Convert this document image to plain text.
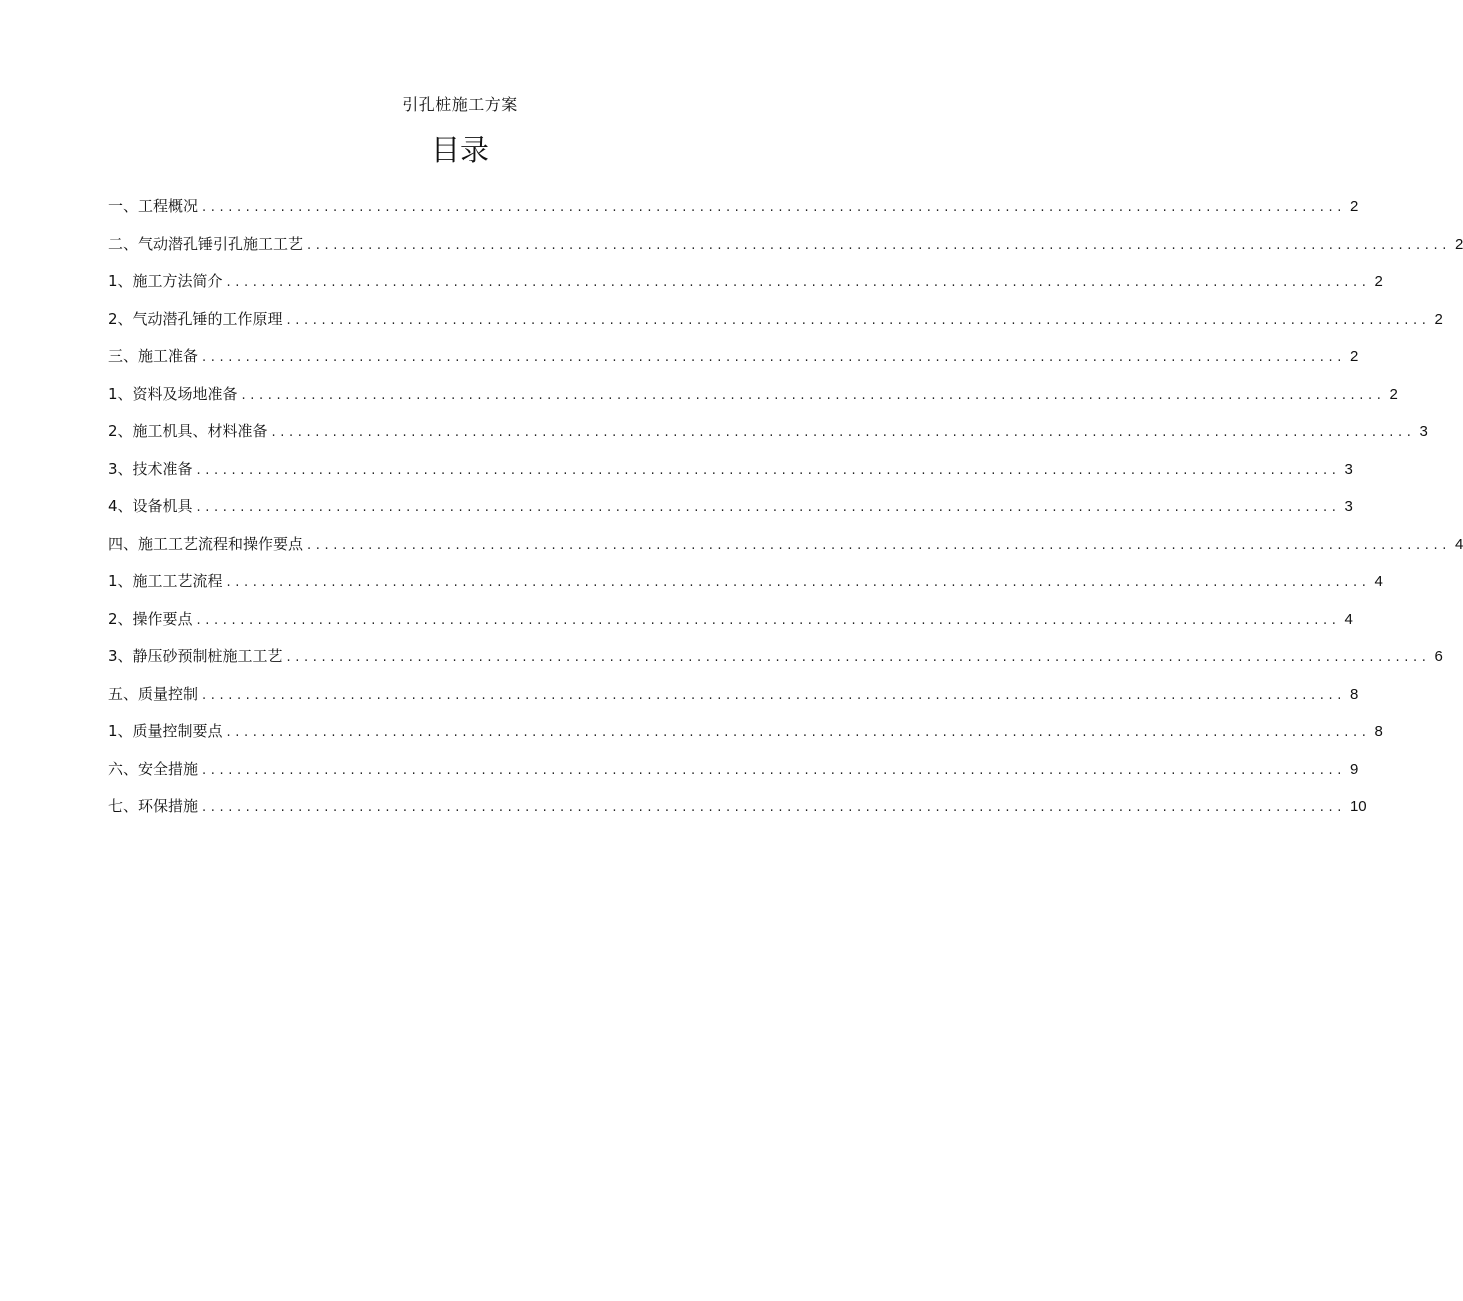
引孔桩施工方案
目录
一、工程概况 ................................................................................................................................... 2
二、气动潜孔锤引孔施工工艺 ................................................................................................................................... 2
1、施工方法简介 ................................................................................................................................... 2
2、气动潜孔锤的工作原理 ................................................................................................................................... 2
三、施工准备 ................................................................................................................................... 2
1、资料及场地准备 ................................................................................................................................... 2
2、施工机具、材料准备 ................................................................................................................................... 3
3、技术准备 ................................................................................................................................... 3
4、设备机具 ................................................................................................................................... 3
四、施工工艺流程和操作要点 ................................................................................................................................... 4
1、施工工艺流程 ................................................................................................................................... 4
2、操作要点 ................................................................................................................................... 4
3、静压砂预制桩施工工艺 ................................................................................................................................... 6
五、质量控制 ................................................................................................................................... 8
1、质量控制要点 ................................................................................................................................... 8
六、安全措施 ................................................................................................................................... 9
七、环保措施 ................................................................................................................................... 10
